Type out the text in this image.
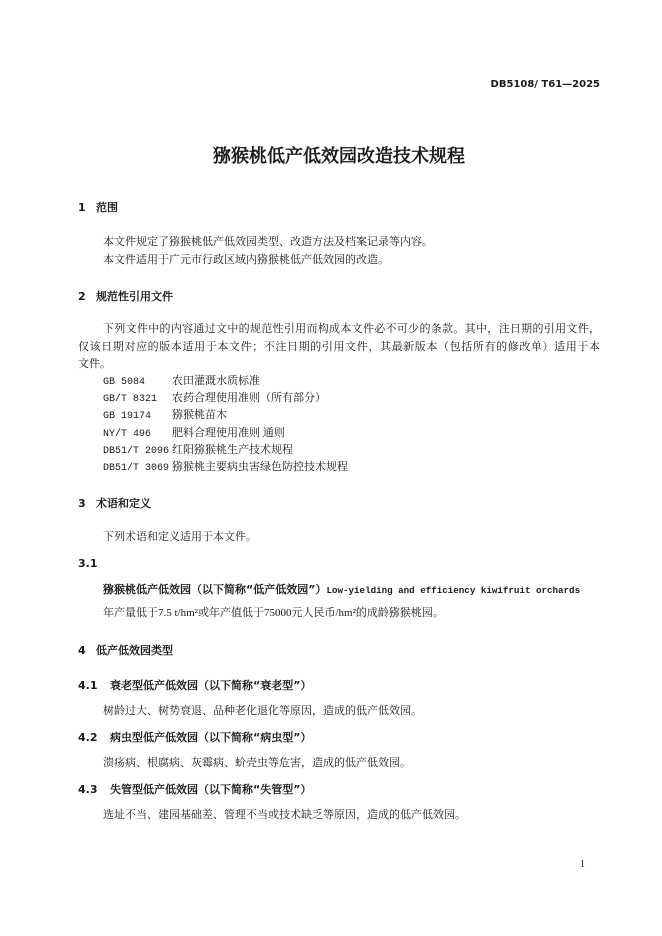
DB5108/ T61—2025
猕猴桃低产低效园改造技术规程
1 范围
本文件规定了猕猴桃低产低效园类型、改造方法及档案记录等内容。
本文件适用于广元市行政区域内猕猴桃低产低效园的改造。
2 规范性引用文件
下列文件中的内容通过文中的规范性引用而构成本文件必不可少的条款。其中，注日期的引用文件，
仅该日期对应的版本适用于本文件；不注日期的引用文件，其最新版本（包括所有的修改单）适用于本
文件。
GB 5084 农田灌溉水质标准
GB/T 8321 农药合理使用准则（所有部分）
GB 19174 猕猴桃苗木
NY/T 496 肥料合理使用准则 通则
DB51/T 2096 红阳猕猴桃生产技术规程
DB51/T 3069 猕猴桃主要病虫害绿色防控技术规程
3 术语和定义
下列术语和定义适用于本文件。
3.1
猕猴桃低产低效园（以下简称“低产低效园”）Low-yielding and efficiency kiwifruit orchards
年产量低于7.5 t/hm²或年产值低于75000元人民币/hm²的成龄猕猴桃园。
4 低产低效园类型
4.1 衰老型低产低效园（以下简称“衰老型”）
树龄过大、树势衰退、品种老化退化等原因，造成的低产低效园。
4.2 病虫型低产低效园（以下简称“病虫型”）
溃疡病、根腐病、灰霉病、蚧壳虫等危害，造成的低产低效园。
4.3 失管型低产低效园（以下简称“失管型”）
选址不当、建园基础差、管理不当或技术缺乏等原因，造成的低产低效园。
1
